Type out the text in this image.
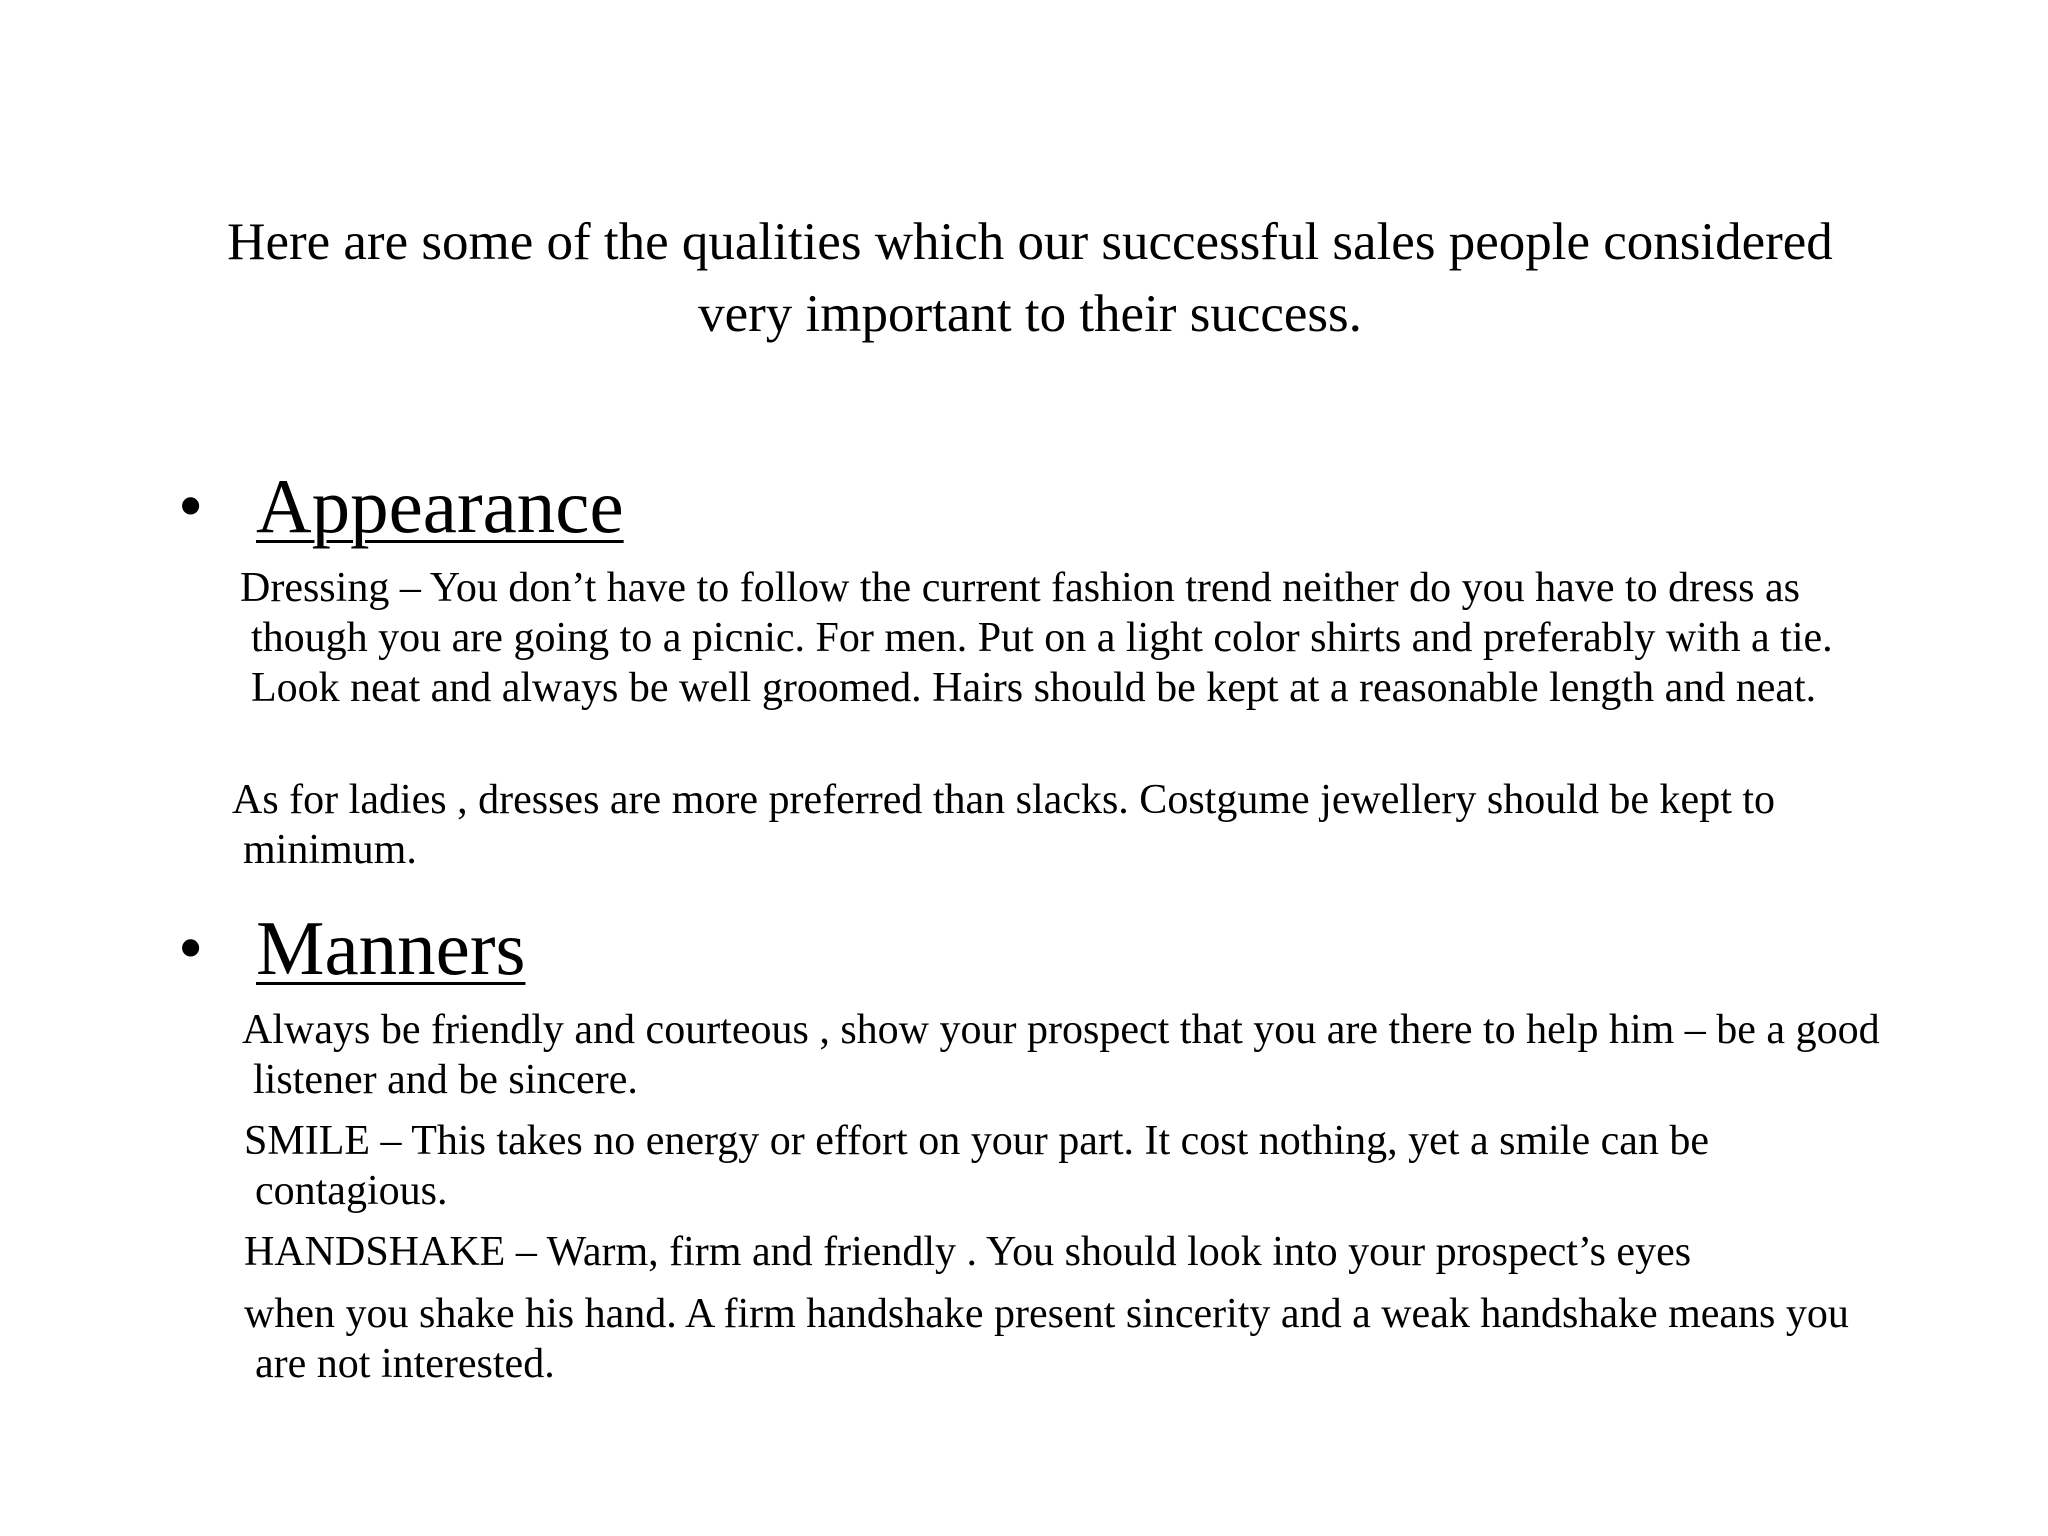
Here are some of the qualities which our successful sales people considered very important to their success.
• Appearance
Dressing – You don’t have to follow the current fashion trend neither do you have to dress as though you are going to a picnic. For men. Put on a light color shirts and preferably with a tie. Look neat and always be well groomed. Hairs should be kept at a reasonable length and neat.
As for ladies , dresses are more preferred than slacks. Costgume jewellery should be kept to minimum.
• Manners
Always be friendly and courteous , show your prospect that you are there to help him – be a good listener and be sincere.
SMILE – This takes no energy or effort on your part. It cost nothing, yet a smile can be contagious.
HANDSHAKE – Warm, firm and friendly . You should look into your prospect’s eyes
when you shake his hand. A firm handshake present sincerity and a weak handshake means you are not interested.
